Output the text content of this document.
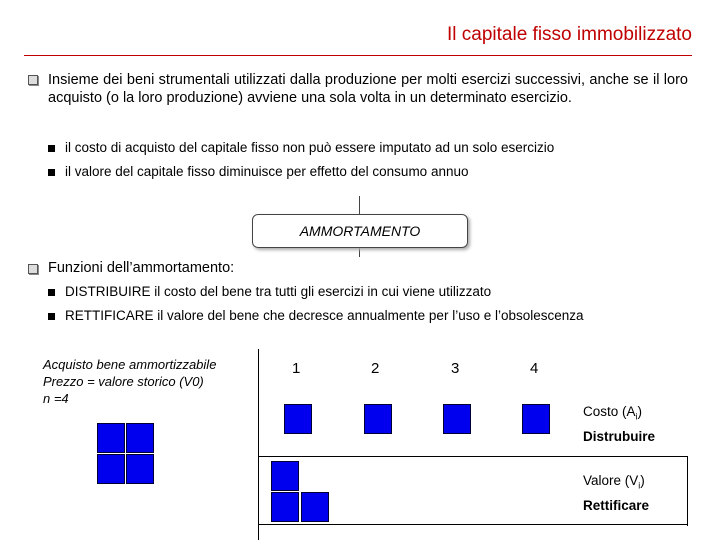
Il capitale fisso immobilizzato
Insieme dei beni strumentali utilizzati dalla produzione per molti esercizi successivi, anche se il loro acquisto (o la loro produzione) avviene una sola volta in un determinato esercizio.
il costo di acquisto del capitale fisso non può essere imputato ad un solo esercizio
il valore del capitale fisso diminuisce per effetto del consumo annuo
AMMORTAMENTO
Funzioni dell’ammortamento:
DISTRIBUIRE il costo del bene tra tutti gli esercizi in cui viene utilizzato
RETTIFICARE il valore del bene che decresce annualmente per l’uso e l’obsolescenza
Acquisto bene ammortizzabile
Prezzo = valore storico (V0)
n =4
1	2	3	4
Costo $(A_i)$
Distrubuire
Valore $(V_i)$
Rettificare
